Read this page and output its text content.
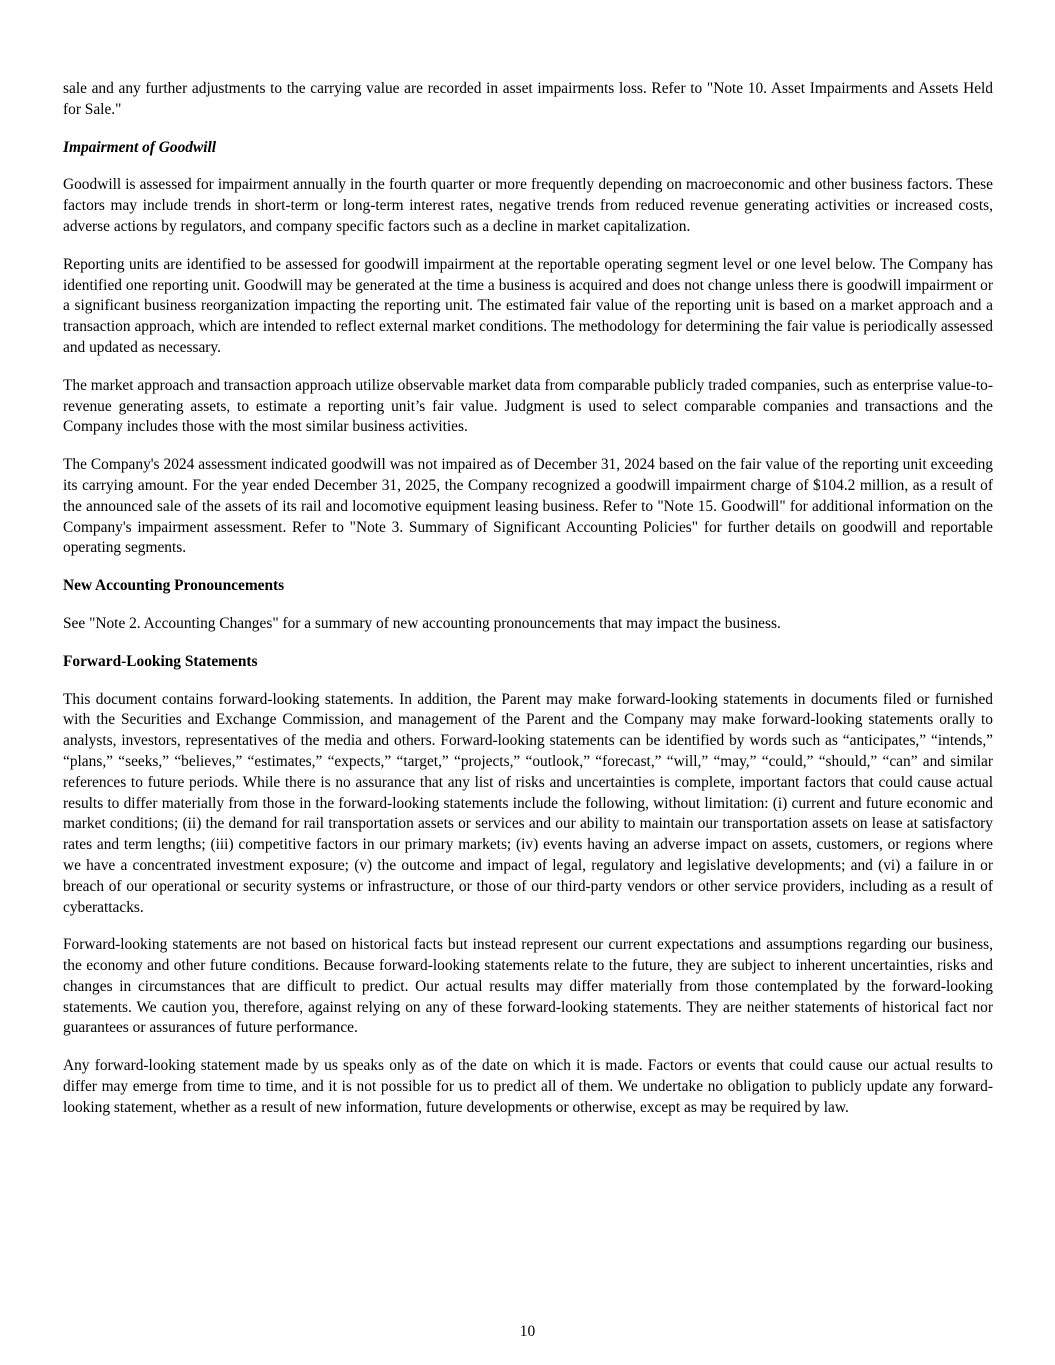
sale and any further adjustments to the carrying value are recorded in asset impairments loss. Refer to "Note 10. Asset Impairments and Assets Held for Sale."

Impairment of Goodwill

Goodwill is assessed for impairment annually in the fourth quarter or more frequently depending on macroeconomic and other business factors. These factors may include trends in short-term or long-term interest rates, negative trends from reduced revenue generating activities or increased costs, adverse actions by regulators, and company specific factors such as a decline in market capitalization.

Reporting units are identified to be assessed for goodwill impairment at the reportable operating segment level or one level below. The Company has identified one reporting unit. Goodwill may be generated at the time a business is acquired and does not change unless there is goodwill impairment or a significant business reorganization impacting the reporting unit. The estimated fair value of the reporting unit is based on a market approach and a transaction approach, which are intended to reflect external market conditions. The methodology for determining the fair value is periodically assessed and updated as necessary.

The market approach and transaction approach utilize observable market data from comparable publicly traded companies, such as enterprise value-to-revenue generating assets, to estimate a reporting unit’s fair value. Judgment is used to select comparable companies and transactions and the Company includes those with the most similar business activities.

The Company's 2024 assessment indicated goodwill was not impaired as of December 31, 2024 based on the fair value of the reporting unit exceeding its carrying amount. For the year ended December 31, 2025, the Company recognized a goodwill impairment charge of $104.2 million, as a result of the announced sale of the assets of its rail and locomotive equipment leasing business. Refer to "Note 15. Goodwill" for additional information on the Company's impairment assessment. Refer to "Note 3. Summary of Significant Accounting Policies" for further details on goodwill and reportable operating segments.

New Accounting Pronouncements

See "Note 2. Accounting Changes" for a summary of new accounting pronouncements that may impact the business.

Forward-Looking Statements

This document contains forward-looking statements. In addition, the Parent may make forward-looking statements in documents filed or furnished with the Securities and Exchange Commission, and management of the Parent and the Company may make forward-looking statements orally to analysts, investors, representatives of the media and others. Forward-looking statements can be identified by words such as “anticipates,” “intends,” “plans,” “seeks,” “believes,” “estimates,” “expects,” “target,” “projects,” “outlook,” “forecast,” “will,” “may,” “could,” “should,” “can” and similar references to future periods. While there is no assurance that any list of risks and uncertainties is complete, important factors that could cause actual results to differ materially from those in the forward-looking statements include the following, without limitation: (i) current and future economic and market conditions; (ii) the demand for rail transportation assets or services and our ability to maintain our transportation assets on lease at satisfactory rates and term lengths; (iii) competitive factors in our primary markets; (iv) events having an adverse impact on assets, customers, or regions where we have a concentrated investment exposure; (v) the outcome and impact of legal, regulatory and legislative developments; and (vi) a failure in or breach of our operational or security systems or infrastructure, or those of our third-party vendors or other service providers, including as a result of cyberattacks.

Forward-looking statements are not based on historical facts but instead represent our current expectations and assumptions regarding our business, the economy and other future conditions. Because forward-looking statements relate to the future, they are subject to inherent uncertainties, risks and changes in circumstances that are difficult to predict. Our actual results may differ materially from those contemplated by the forward-looking statements. We caution you, therefore, against relying on any of these forward-looking statements. They are neither statements of historical fact nor guarantees or assurances of future performance.

Any forward-looking statement made by us speaks only as of the date on which it is made. Factors or events that could cause our actual results to differ may emerge from time to time, and it is not possible for us to predict all of them. We undertake no obligation to publicly update any forward-looking statement, whether as a result of new information, future developments or otherwise, except as may be required by law.

10
